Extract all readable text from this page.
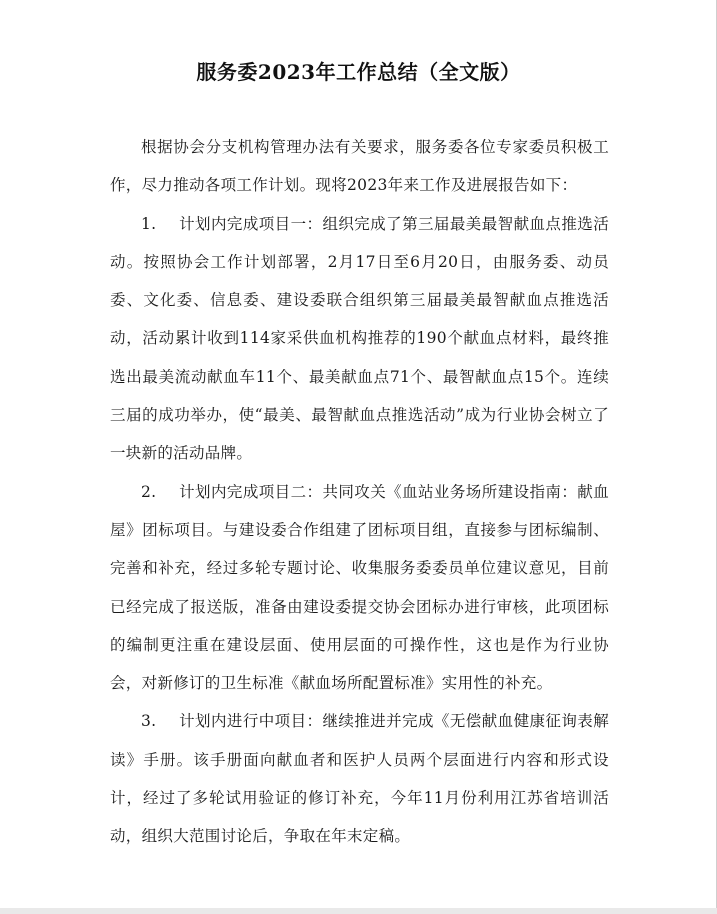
服务委2023年工作总结（全文版）

根据协会分支机构管理办法有关要求，服务委各位专家委员积极工作，尽力推动各项工作计划。现将2023年来工作及进展报告如下：

1. 计划内完成项目一：组织完成了第三届最美最智献血点推选活动。按照协会工作计划部署，2月17日至6月20日，由服务委、动员委、文化委、信息委、建设委联合组织第三届最美最智献血点推选活动，活动累计收到114家采供血机构推荐的190个献血点材料，最终推选出最美流动献血车11个、最美献血点71个、最智献血点15个。连续三届的成功举办，使“最美、最智献血点推选活动”成为行业协会树立了一块新的活动品牌。

2. 计划内完成项目二：共同攻关《血站业务场所建设指南：献血屋》团标项目。与建设委合作组建了团标项目组，直接参与团标编制、完善和补充，经过多轮专题讨论、收集服务委委员单位建议意见，目前已经完成了报送版，准备由建设委提交协会团标办进行审核，此项团标的编制更注重在建设层面、使用层面的可操作性，这也是作为行业协会，对新修订的卫生标准《献血场所配置标准》实用性的补充。

3. 计划内进行中项目：继续推进并完成《无偿献血健康征询表解读》手册。该手册面向献血者和医护人员两个层面进行内容和形式设计，经过了多轮试用验证的修订补充，今年11月份利用江苏省培训活动，组织大范围讨论后，争取在年末定稿。
